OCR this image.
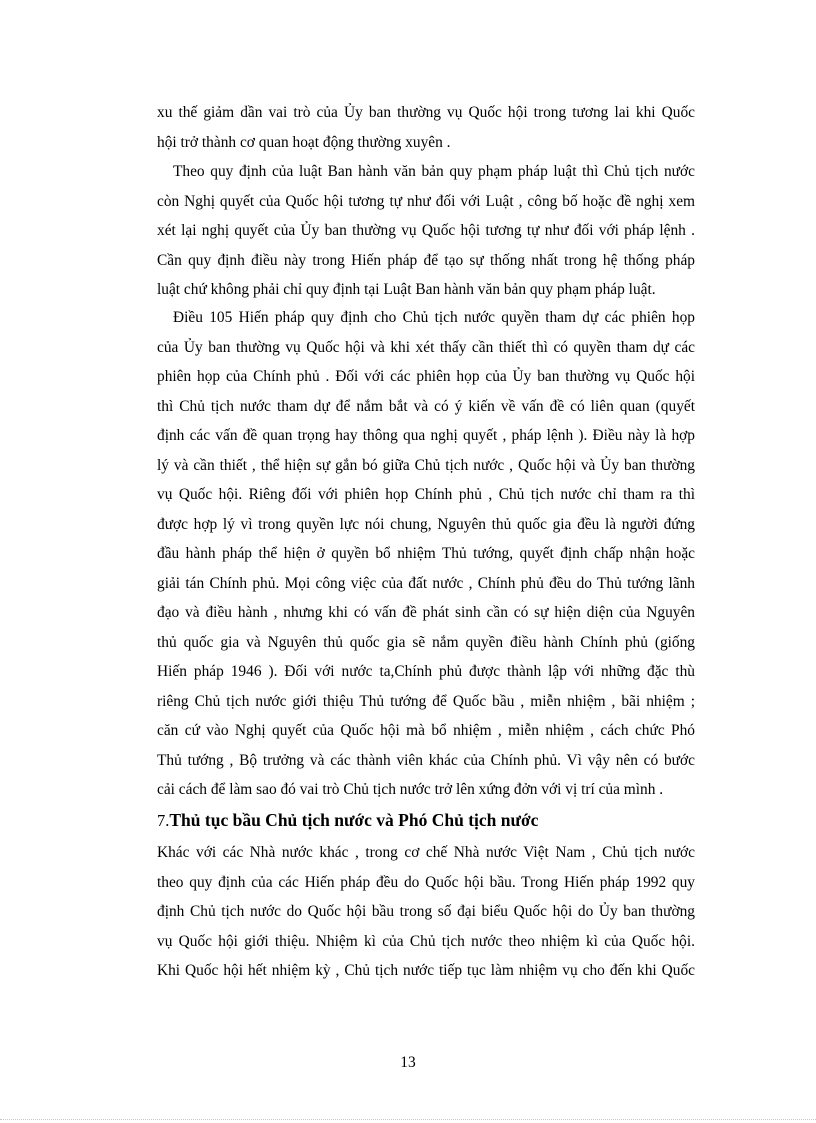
xu thế giảm dần vai trò của Ủy ban thường vụ Quốc hội trong tương lai khi Quốc
hội trở thành cơ quan hoạt động thường xuyên .
Theo quy định của luật Ban hành văn bản quy phạm pháp luật thì Chủ tịch nước
còn Nghị quyết của Quốc hội tương tự như đối với Luật , công bố hoặc đề nghị xem
xét lại nghị quyết của Ủy ban thường vụ Quốc hội tương tự như đối với pháp lệnh .
Cần quy định điều này trong Hiến pháp để tạo sự thống nhất trong hệ thống pháp
luật chứ không phải chỉ quy định tại Luật Ban hành văn bản quy phạm pháp luật.
Điều 105 Hiến pháp quy định cho Chủ tịch nước quyền tham dự các phiên họp
của Ủy ban thường vụ Quốc hội và khi xét thấy cần thiết thì có quyền tham dự các
phiên họp của Chính phủ . Đối với các phiên họp của Ủy ban thường vụ Quốc hội
thì Chủ tịch nước tham dự để nắm bắt và có ý kiến về vấn đề có liên quan (quyết
định các vấn đề quan trọng hay thông qua nghị quyết , pháp lệnh ). Điều này là hợp
lý và cần thiết , thể hiện sự gắn bó giữa Chủ tịch nước , Quốc hội và Ủy ban thường
vụ Quốc hội. Riêng đối với phiên họp Chính phủ , Chủ tịch nước chỉ tham ra thì
được hợp lý vì trong quyền lực nói chung, Nguyên thủ quốc gia đều là người đứng
đầu hành pháp thể hiện ở quyền bổ nhiệm Thủ tướng, quyết định chấp nhận hoặc
giải tán Chính phủ. Mọi công việc của đất nước , Chính phủ đều do Thủ tướng lãnh
đạo và điều hành , nhưng khi có vấn đề phát sinh cần có sự hiện diện của Nguyên
thủ quốc gia và Nguyên thủ quốc gia sẽ nắm quyền điều hành Chính phủ (giống
Hiến pháp 1946 ). Đối với nước ta,Chính phủ được thành lập với những đặc thù
riêng Chủ tịch nước giới thiệu Thủ tướng để Quốc bầu , miễn nhiệm , bãi nhiệm ;
căn cứ vào Nghị quyết của Quốc hội mà bổ nhiệm , miễn nhiệm , cách chức Phó
Thủ tướng , Bộ trưởng và các thành viên khác của Chính phủ. Vì vậy nên có bước
cải cách để làm sao đó vai trò Chủ tịch nước trở lên xứng đởn với vị trí của mình .
7.Thủ tục bầu Chủ tịch nước và Phó Chủ tịch nước
Khác với các Nhà nước khác , trong cơ chế Nhà nước Việt Nam , Chủ tịch nước
theo quy định của các Hiến pháp đều do Quốc hội bầu. Trong Hiến pháp 1992 quy
định Chủ tịch nước do Quốc hội bầu trong số đại biểu Quốc hội do Ủy ban thường
vụ Quốc hội giới thiệu. Nhiệm kì của Chủ tịch nước theo nhiệm kì của Quốc hội.
Khi Quốc hội hết nhiệm kỳ , Chủ tịch nước tiếp tục làm nhiệm vụ cho đến khi Quốc
13
